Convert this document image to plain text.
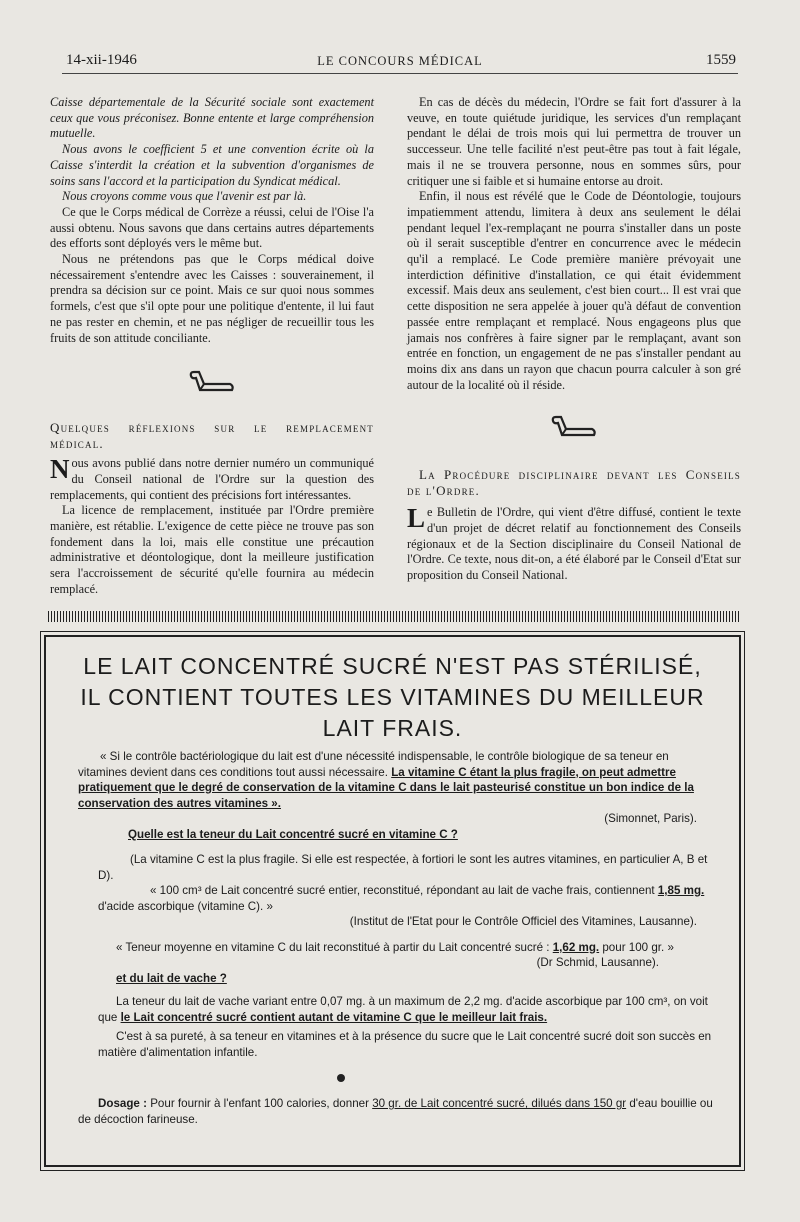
14-xii-1946	LE CONCOURS MÉDICAL	1559

Caisse départementale de la Sécurité sociale sont exactement ceux que vous préconisez. Bonne entente et large compréhension mutuelle.

Nous avons le coefficient 5 et une convention écrite où la Caisse s'interdit la création et la subvention d'organismes de soins sans l'accord et la participation du Syndicat médical.

Nous croyons comme vous que l'avenir est par là.

Ce que le Corps médical de Corrèze a réussi, celui de l'Oise l'a aussi obtenu. Nous savons que dans certains autres départements des efforts sont déployés vers le même but.

Nous ne prétendons pas que le Corps médical doive nécessairement s'entendre avec les Caisses : souverainement, il prendra sa décision sur ce point. Mais ce sur quoi nous sommes formels, c'est que s'il opte pour une politique d'entente, il lui faut ne pas rester en chemin, et ne pas négliger de recueillir tous les fruits de son attitude conciliante.

Quelques réflexions sur le remplacement médical.

Nous avons publié dans notre dernier numéro un communiqué du Conseil national de l'Ordre sur la question des remplacements, qui contient des précisions fort intéressantes.

La licence de remplacement, instituée par l'Ordre première manière, est rétablie. L'exigence de cette pièce ne trouve pas son fondement dans la loi, mais elle constitue une précaution administrative et déontologique, dont la meilleure justification sera l'accroissement de sécurité qu'elle fournira au médecin remplacé.

En cas de décès du médecin, l'Ordre se fait fort d'assurer à la veuve, en toute quiétude juridique, les services d'un remplaçant pendant le délai de trois mois qui lui permettra de trouver un successeur. Une telle facilité n'est peut-être pas tout à fait légale, mais il ne se trouvera personne, nous en sommes sûrs, pour critiquer une si faible et si humaine entorse au droit.

Enfin, il nous est révélé que le Code de Déontologie, toujours impatiemment attendu, limitera à deux ans seulement le délai pendant lequel l'ex-remplaçant ne pourra s'installer dans un poste où il serait susceptible d'entrer en concurrence avec le médecin qu'il a remplacé. Le Code première manière prévoyait une interdiction définitive d'installation, ce qui était évidemment excessif. Mais deux ans seulement, c'est bien court... Il est vrai que cette disposition ne sera appelée à jouer qu'à défaut de convention passée entre remplaçant et remplacé. Nous engageons plus que jamais nos confrères à faire signer par le remplaçant, avant son entrée en fonction, un engagement de ne pas s'installer pendant au moins dix ans dans un rayon que chacun pourra calculer à son gré autour de la localité où il réside.

La Procédure disciplinaire devant les Conseils de l'Ordre.

Le Bulletin de l'Ordre, qui vient d'être diffusé, contient le texte d'un projet de décret relatif au fonctionnement des Conseils régionaux et de la Section disciplinaire du Conseil National de l'Ordre. Ce texte, nous dit-on, a été élaboré par le Conseil d'Etat sur proposition du Conseil National.

LE LAIT CONCENTRÉ SUCRÉ N'EST PAS STÉRILISÉ,
IL CONTIENT TOUTES LES VITAMINES DU MEILLEUR
LAIT FRAIS.

« Si le contrôle bactériologique du lait est d'une nécessité indispensable, le contrôle biologique de sa teneur en vitamines devient dans ces conditions tout aussi nécessaire. La vitamine C étant la plus fragile, on peut admettre pratiquement que le degré de conservation de la vitamine C dans le lait pasteurisé constitue un bon indice de la conservation des autres vitamines ».

(Simonnet, Paris).

Quelle est la teneur du Lait concentré sucré en vitamine C ?

(La vitamine C est la plus fragile. Si elle est respectée, à fortiori le sont les autres vitamines, en particulier A, B et D).

« 100 cm³ de Lait concentré sucré entier, reconstitué, répondant au lait de vache frais, contiennent 1,85 mg. d'acide ascorbique (vitamine C). »

(Institut de l'Etat pour le Contrôle Officiel des Vitamines, Lausanne).

« Teneur moyenne en vitamine C du lait reconstitué à partir du Lait concentré sucré : 1,62 mg. pour 100 gr. »

(Dr Schmid, Lausanne).

et du lait de vache ?

La teneur du lait de vache variant entre 0,07 mg. à un maximum de 2,2 mg. d'acide ascorbique par 100 cm³, on voit que le Lait concentré sucré contient autant de vitamine C que le meilleur lait frais.

C'est à sa pureté, à sa teneur en vitamines et à la présence du sucre que le Lait concentré sucré doit son succès en matière d'alimentation infantile.

Dosage : Pour fournir à l'enfant 100 calories, donner 30 gr. de Lait concentré sucré, dilués dans 150 gr d'eau bouillie ou de décoction farineuse.
